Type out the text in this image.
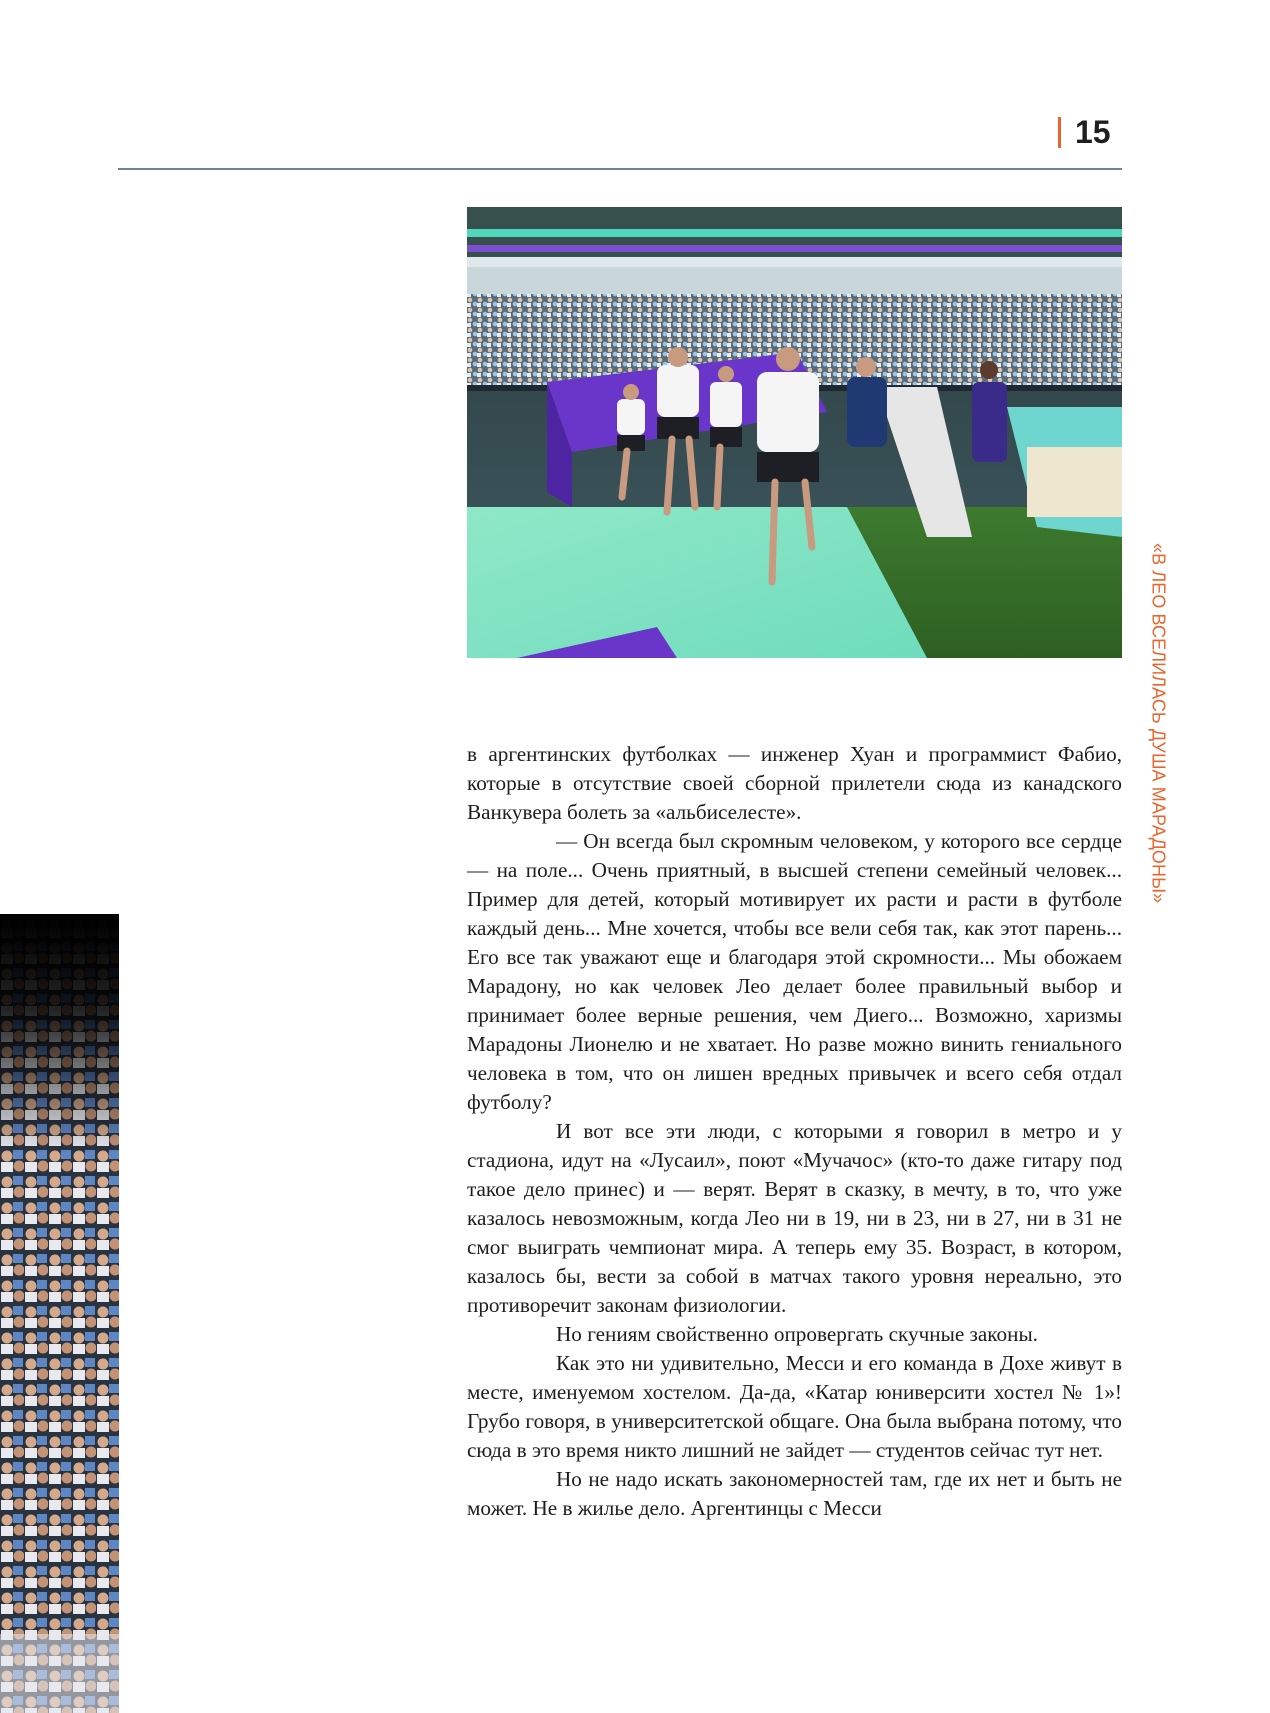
15
«В ЛЕО ВСЕЛИЛАСЬ ДУША МАРАДОНЫ»

в аргентинских футболках — инженер Хуан и программист Фабио, которые в отсутствие своей сборной прилетели сюда из канадского Ванкувера болеть за «альбиселесте».

— Он всегда был скромным человеком, у которого все сердце — на поле... Очень приятный, в высшей степени семейный человек... Пример для детей, который мотивирует их расти и расти в футболе каждый день... Мне хочется, чтобы все вели себя так, как этот парень... Его все так уважают еще и благодаря этой скромности... Мы обожаем Марадону, но как человек Лео делает более правильный выбор и принимает более верные решения, чем Диего... Возможно, харизмы Марадоны Лионелю и не хватает. Но разве можно винить гениального человека в том, что он лишен вредных привычек и всего себя отдал футболу?

И вот все эти люди, с которыми я говорил в метро и у стадиона, идут на «Лусаил», поют «Мучачос» (кто-то даже гитару под такое дело принес) и — верят. Верят в сказку, в мечту, в то, что уже казалось невозможным, когда Лео ни в 19, ни в 23, ни в 27, ни в 31 не смог выиграть чемпионат мира. А теперь ему 35. Возраст, в котором, казалось бы, вести за собой в матчах такого уровня нереально, это противоречит законам физиологии.

Но гениям свойственно опровергать скучные законы.

Как это ни удивительно, Месси и его команда в Дохе живут в месте, именуемом хостелом. Да-да, «Катар юниверсити хостел № 1»! Грубо говоря, в университетской общаге. Она была выбрана потому, что сюда в это время никто лишний не зайдет — студентов сейчас тут нет.

Но не надо искать закономерностей там, где их нет и быть не может. Не в жилье дело. Аргентинцы с Месси
